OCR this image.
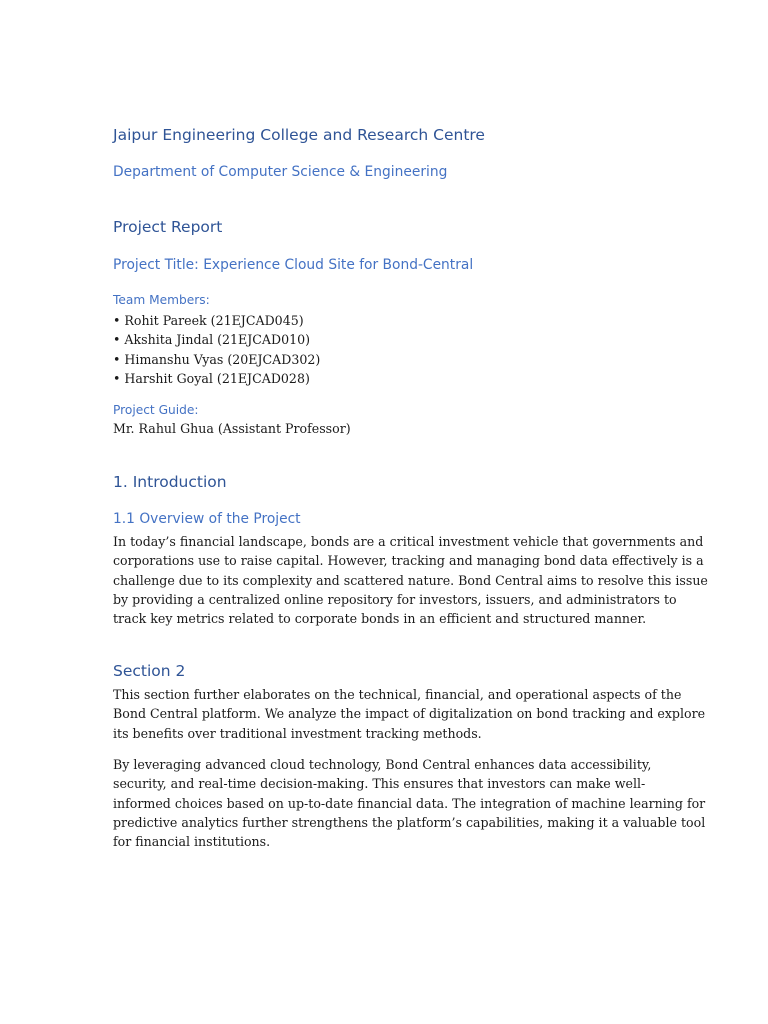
Jaipur Engineering College and Research Centre
Department of Computer Science & Engineering
Project Report
Project Title: Experience Cloud Site for Bond-Central

Team Members:

• Rohit Pareek (21EJCAD045)
• Akshita Jindal (21EJCAD010)
• Himanshu Vyas (20EJCAD302)
• Harshit Goyal (21EJCAD028)

Project Guide:

Mr. Rahul Ghua (Assistant Professor)

1. Introduction
1.1 Overview of the Project
In today’s financial landscape, bonds are a critical investment vehicle that governments and
corporations use to raise capital. However, tracking and managing bond data effectively is a
challenge due to its complexity and scattered nature. Bond Central aims to resolve this issue
by providing a centralized online repository for investors, issuers, and administrators to
track key metrics related to corporate bonds in an efficient and structured manner.
Section 2
This section further elaborates on the technical, financial, and operational aspects of the
Bond Central platform. We analyze the impact of digitalization on bond tracking and explore
its benefits over traditional investment tracking methods.
By leveraging advanced cloud technology, Bond Central enhances data accessibility,
security, and real-time decision-making. This ensures that investors can make well-
informed choices based on up-to-date financial data. The integration of machine learning for
predictive analytics further strengthens the platform’s capabilities, making it a valuable tool
for financial institutions.
